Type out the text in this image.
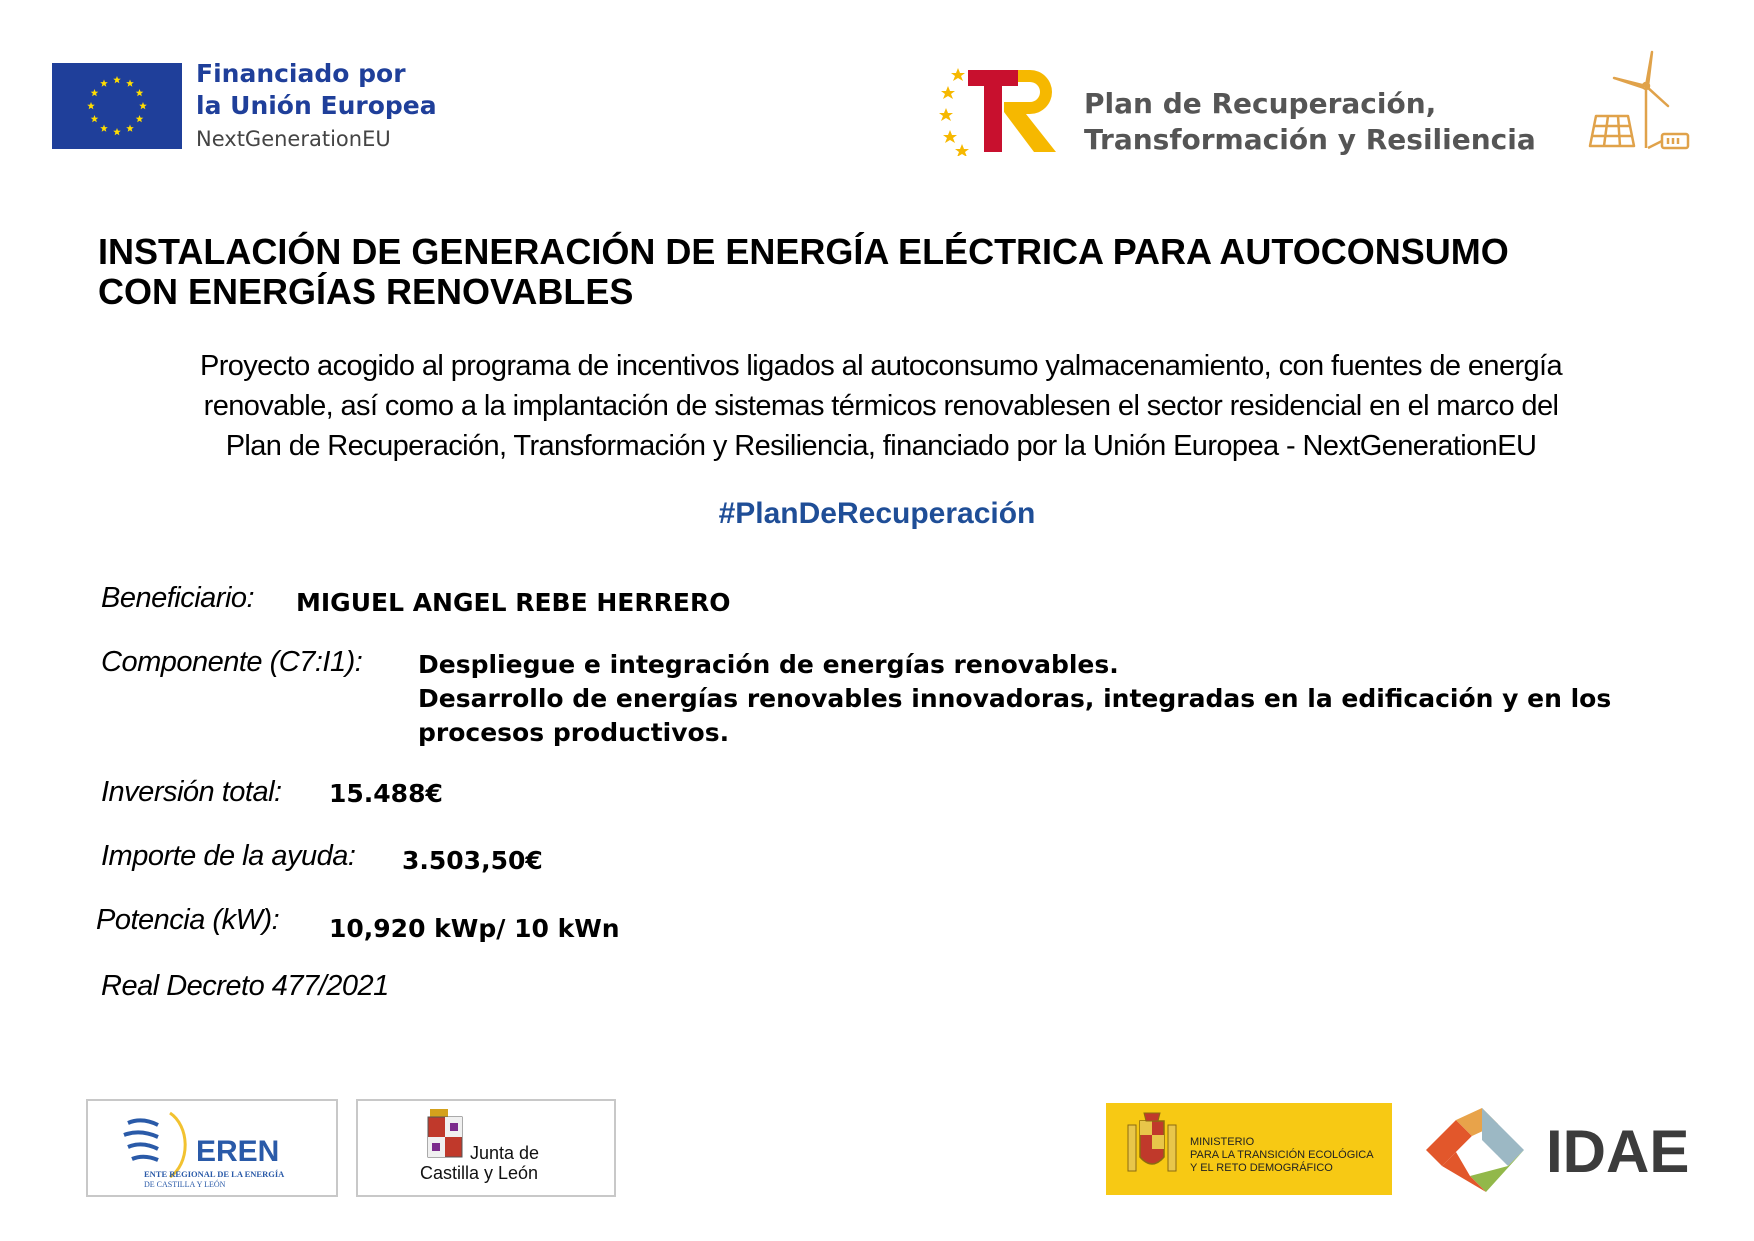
Financiado por
la Unión Europea
NextGenerationEU
Plan de Recuperación,
Transformación y Resiliencia
INSTALACIÓN DE GENERACIÓN DE ENERGÍA ELÉCTRICA PARA AUTOCONSUMO
CON ENERGÍAS RENOVABLES
Proyecto acogido al programa de incentivos ligados al autoconsumo yalmacenamiento, con fuentes de energía
renovable, así como a la implantación de sistemas térmicos renovablesen el sector residencial en el marco del
Plan de Recuperación, Transformación y Resiliencia, financiado por la Unión Europea - NextGenerationEU
#PlanDeRecuperación
Beneficiario: MIGUEL ANGEL REBE HERRERO
Componente (C7:I1): Despliegue e integración de energías renovables.
Desarrollo de energías renovables innovadoras, integradas en la edificación y en los
procesos productivos.
Inversión total: 15.488€
Importe de la ayuda: 3.503,50€
Potencia (kW): 10,920 kWp/ 10 kWn
Real Decreto 477/2021
EREN
ENTE REGIONAL DE LA ENERGÍA
DE CASTILLA Y LEÓN
Junta de
Castilla y León
MINISTERIO
PARA LA TRANSICIÓN ECOLÓGICA
Y EL RETO DEMOGRÁFICO	IDAE
